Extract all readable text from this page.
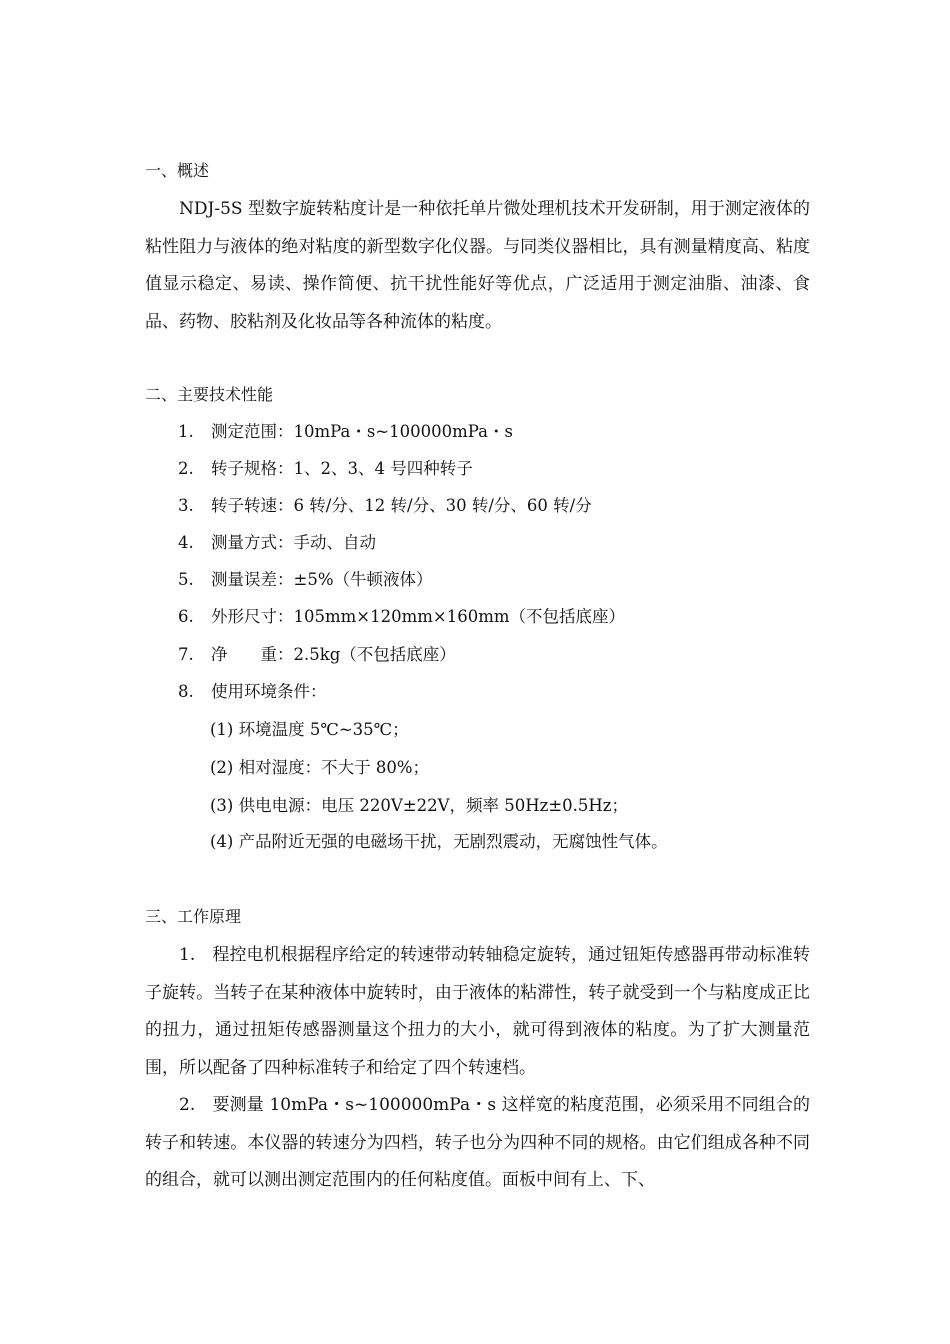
一、概述

NDJ-5S 型数字旋转粘度计是一种依托单片微处理机技术开发研制，用于测定液体的粘性阻力与液体的绝对粘度的新型数字化仪器。与同类仪器相比，具有测量精度高、粘度值显示稳定、易读、操作简便、抗干扰性能好等优点，广泛适用于测定油脂、油漆、食品、药物、胶粘剂及化妆品等各种流体的粘度。

二、主要技术性能
1. 测定范围：10mPa・s~100000mPa・s
2. 转子规格：1、2、3、4 号四种转子
3. 转子转速：6 转/分、12 转/分、30 转/分、60 转/分
4. 测量方式：手动、自动
5. 测量误差：±5%（牛顿液体）
6. 外形尺寸：105mm×120mm×160mm（不包括底座）
7. 净　　重：2.5kg（不包括底座）
8. 使用环境条件：
(1) 环境温度 5℃~35℃；
(2) 相对湿度：不大于 80%；
(3) 供电电源：电压 220V±22V，频率 50Hz±0.5Hz；
(4) 产品附近无强的电磁场干扰，无剧烈震动，无腐蚀性气体。
三、工作原理

1.　程控电机根据程序给定的转速带动转轴稳定旋转，通过钮矩传感器再带动标准转子旋转。当转子在某种液体中旋转时，由于液体的粘滞性，转子就受到一个与粘度成正比的扭力，通过扭矩传感器测量这个扭力的大小，就可得到液体的粘度。为了扩大测量范围，所以配备了四种标准转子和给定了四个转速档。

2.　要测量 10mPa・s~100000mPa・s 这样宽的粘度范围，必须采用不同组合的转子和转速。本仪器的转速分为四档，转子也分为四种不同的规格。由它们组成各种不同的组合，就可以测出测定范围内的任何粘度值。面板中间有上、下、
